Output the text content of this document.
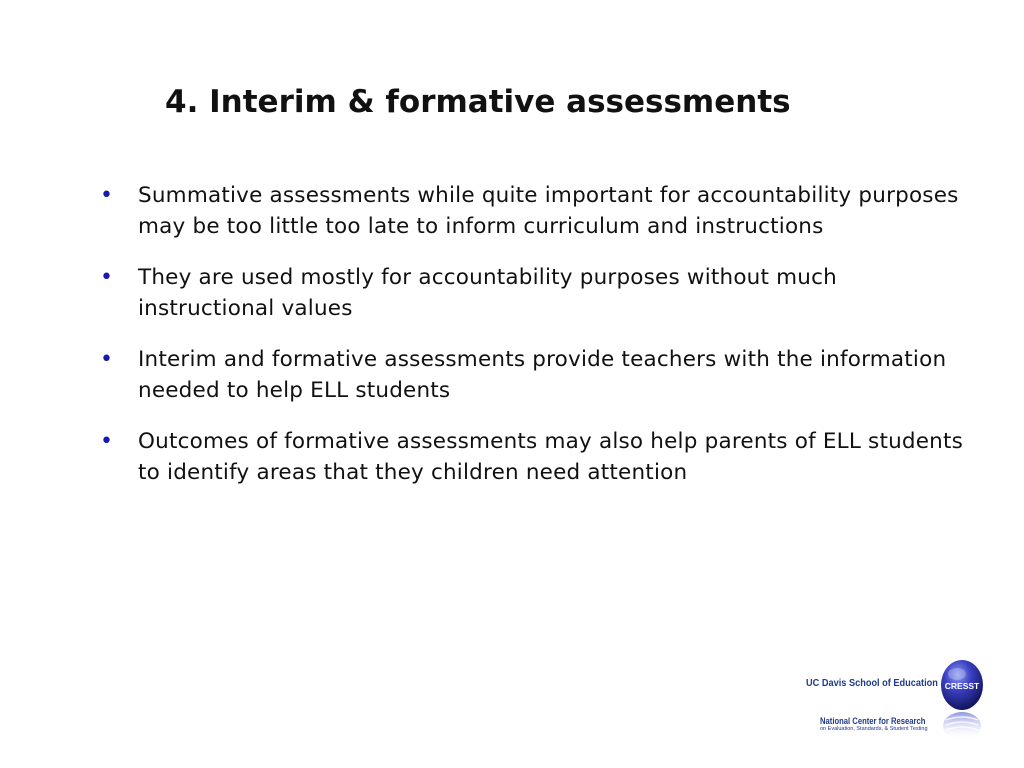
4. Interim & formative assessments
• Summative assessments while quite important for accountability purposes may be too little too late to inform curriculum and instructions
• They are used mostly for accountability purposes without much instructional values
• Interim and formative assessments provide teachers with the information needed to help ELL students
• Outcomes of formative assessments may also help parents of ELL students to identify areas that they children need attention
UC Davis School of Education
National Center for Research
on Evaluation, Standards, & Student Testing
CRESST
